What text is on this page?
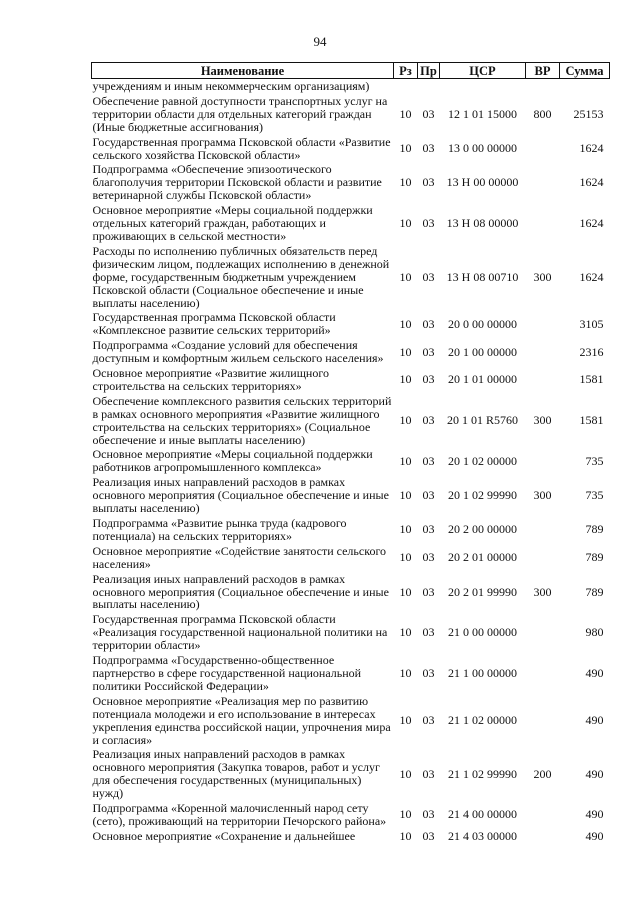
94
Наименование	Рз	Пр	ЦСР	ВР	Сумма
учреждениям и иным некоммерческим организациям)					
Обеспечение равной доступности транспортных услуг на территории области для отдельных категорий граждан (Иные бюджетные ассигнования)	10	03	12 1 01 15000	800	25153
Государственная программа Псковской области «Развитие сельского хозяйства Псковской области»	10	03	13 0 00 00000		1624
Подпрограмма «Обеспечение эпизоотического благополучия территории Псковской области и развитие ветеринарной службы Псковской области»	10	03	13 Н 00 00000		1624
Основное мероприятие «Меры социальной поддержки отдельных категорий граждан, работающих и проживающих в сельской местности»	10	03	13 Н 08 00000		1624
Расходы по исполнению публичных обязательств перед физическим лицом, подлежащих исполнению в денежной форме, государственным бюджетным учреждением Псковской области (Социальное обеспечение и иные выплаты населению)	10	03	13 Н 08 00710	300	1624
Государственная программа Псковской области «Комплексное развитие сельских территорий»	10	03	20 0 00 00000		3105
Подпрограмма «Создание условий для обеспечения доступным и комфортным жильем сельского населения»	10	03	20 1 00 00000		2316
Основное мероприятие «Развитие жилищного строительства на сельских территориях»	10	03	20 1 01 00000		1581
Обеспечение комплексного развития сельских территорий в рамках основного мероприятия «Развитие жилищного строительства на сельских территориях» (Социальное обеспечение и иные выплаты населению)	10	03	20 1 01 R5760	300	1581
Основное мероприятие «Меры социальной поддержки работников агропромышленного комплекса»	10	03	20 1 02 00000		735
Реализация иных направлений расходов в рамках основного мероприятия (Социальное обеспечение и иные выплаты населению)	10	03	20 1 02 99990	300	735
Подпрограмма «Развитие рынка труда (кадрового потенциала) на сельских территориях»	10	03	20 2 00 00000		789
Основное мероприятие «Содействие занятости сельского населения»	10	03	20 2 01 00000		789
Реализация иных направлений расходов в рамках основного мероприятия (Социальное обеспечение и иные выплаты населению)	10	03	20 2 01 99990	300	789
Государственная программа Псковской области «Реализация государственной национальной политики на территории области»	10	03	21 0 00 00000		980
Подпрограмма «Государственно-общественное партнерство в сфере государственной национальной политики Российской Федерации»	10	03	21 1 00 00000		490
Основное мероприятие «Реализация мер по развитию потенциала молодежи и его использование в интересах укрепления единства российской нации, упрочнения мира и согласия»	10	03	21 1 02 00000		490
Реализация иных направлений расходов в рамках основного мероприятия (Закупка товаров, работ и услуг для обеспечения государственных (муниципальных) нужд)	10	03	21 1 02 99990	200	490
Подпрограмма «Коренной малочисленный народ сету (сето), проживающий на территории Печорского района»	10	03	21 4 00 00000		490
Основное мероприятие «Сохранение и дальнейшее	10	03	21 4 03 00000		490
